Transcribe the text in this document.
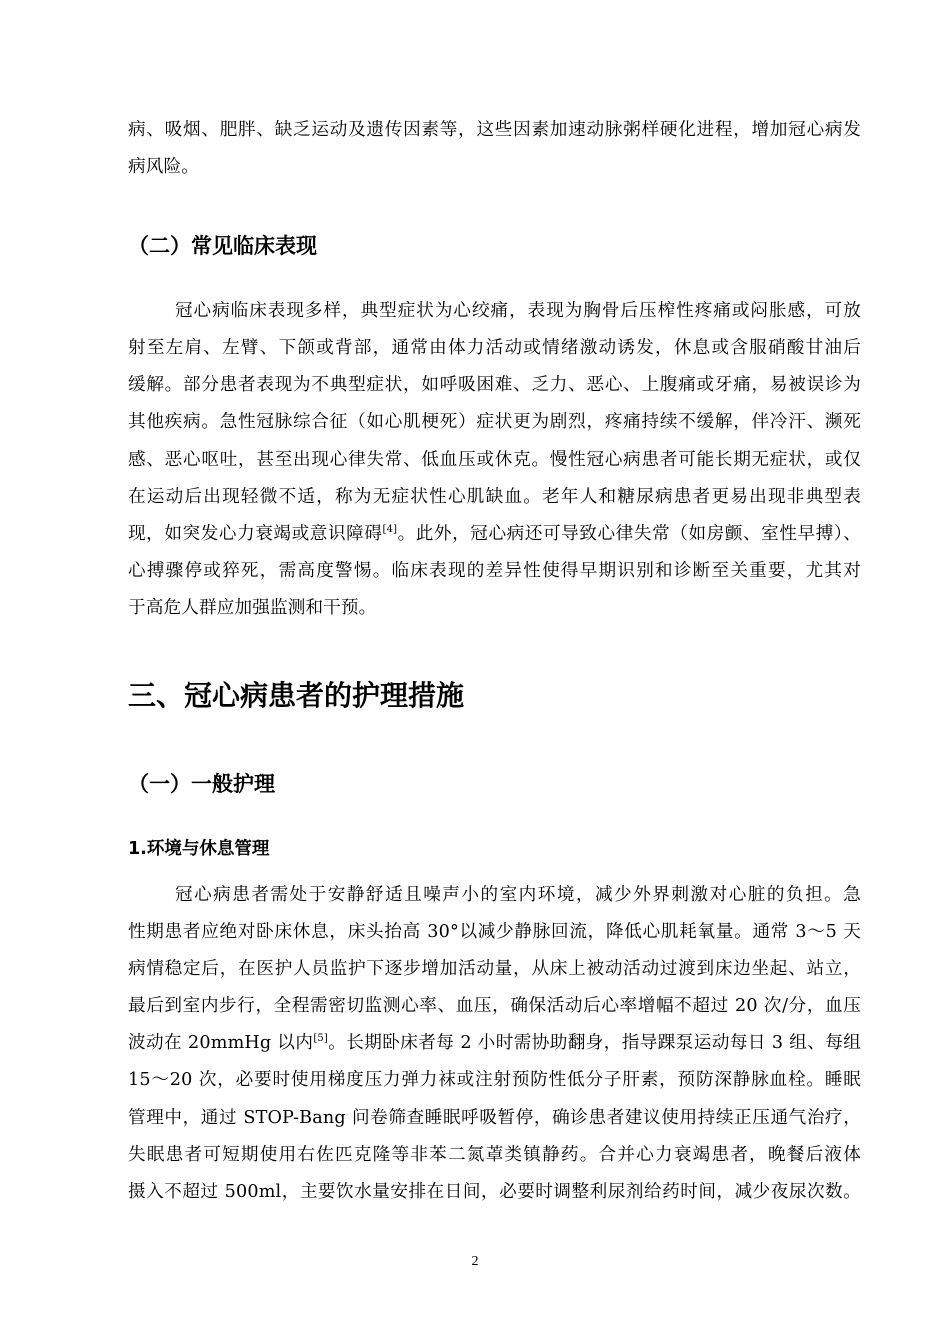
病、吸烟、肥胖、缺乏运动及遗传因素等，这些因素加速动脉粥样硬化进程，增加冠心病发

病风险。

（二）常见临床表现

冠心病临床表现多样，典型症状为心绞痛，表现为胸骨后压榨性疼痛或闷胀感，可放

射至左肩、左臂、下颌或背部，通常由体力活动或情绪激动诱发，休息或含服硝酸甘油后

缓解。部分患者表现为不典型症状，如呼吸困难、乏力、恶心、上腹痛或牙痛，易被误诊为

其他疾病。急性冠脉综合征（如心肌梗死）症状更为剧烈，疼痛持续不缓解，伴冷汗、濒死

感、恶心呕吐，甚至出现心律失常、低血压或休克。慢性冠心病患者可能长期无症状，或仅

在运动后出现轻微不适，称为无症状性心肌缺血。老年人和糖尿病患者更易出现非典型表

现，如突发心力衰竭或意识障碍[4]。此外，冠心病还可导致心律失常（如房颤、室性早搏）、

心搏骤停或猝死，需高度警惕。临床表现的差异性使得早期识别和诊断至关重要，尤其对

于高危人群应加强监测和干预。

三、冠心病患者的护理措施
（一）一般护理
1.环境与休息管理

冠心病患者需处于安静舒适且噪声小的室内环境，减少外界刺激对心脏的负担。急

性期患者应绝对卧床休息，床头抬高 30°以减少静脉回流，降低心肌耗氧量。通常 3～5 天

病情稳定后，在医护人员监护下逐步增加活动量，从床上被动活动过渡到床边坐起、站立，

最后到室内步行，全程需密切监测心率、血压，确保活动后心率增幅不超过 20 次/分，血压

波动在 20mmHg 以内[5]。长期卧床者每 2 小时需协助翻身，指导踝泵运动每日 3 组、每组

15～20 次，必要时使用梯度压力弹力袜或注射预防性低分子肝素，预防深静脉血栓。睡眠

管理中，通过 STOP-Bang 问卷筛查睡眠呼吸暂停，确诊患者建议使用持续正压通气治疗，

失眠患者可短期使用右佐匹克隆等非苯二氮䓬类镇静药。合并心力衰竭患者，晚餐后液体

摄入不超过 500ml，主要饮水量安排在日间，必要时调整利尿剂给药时间，减少夜尿次数。

2
